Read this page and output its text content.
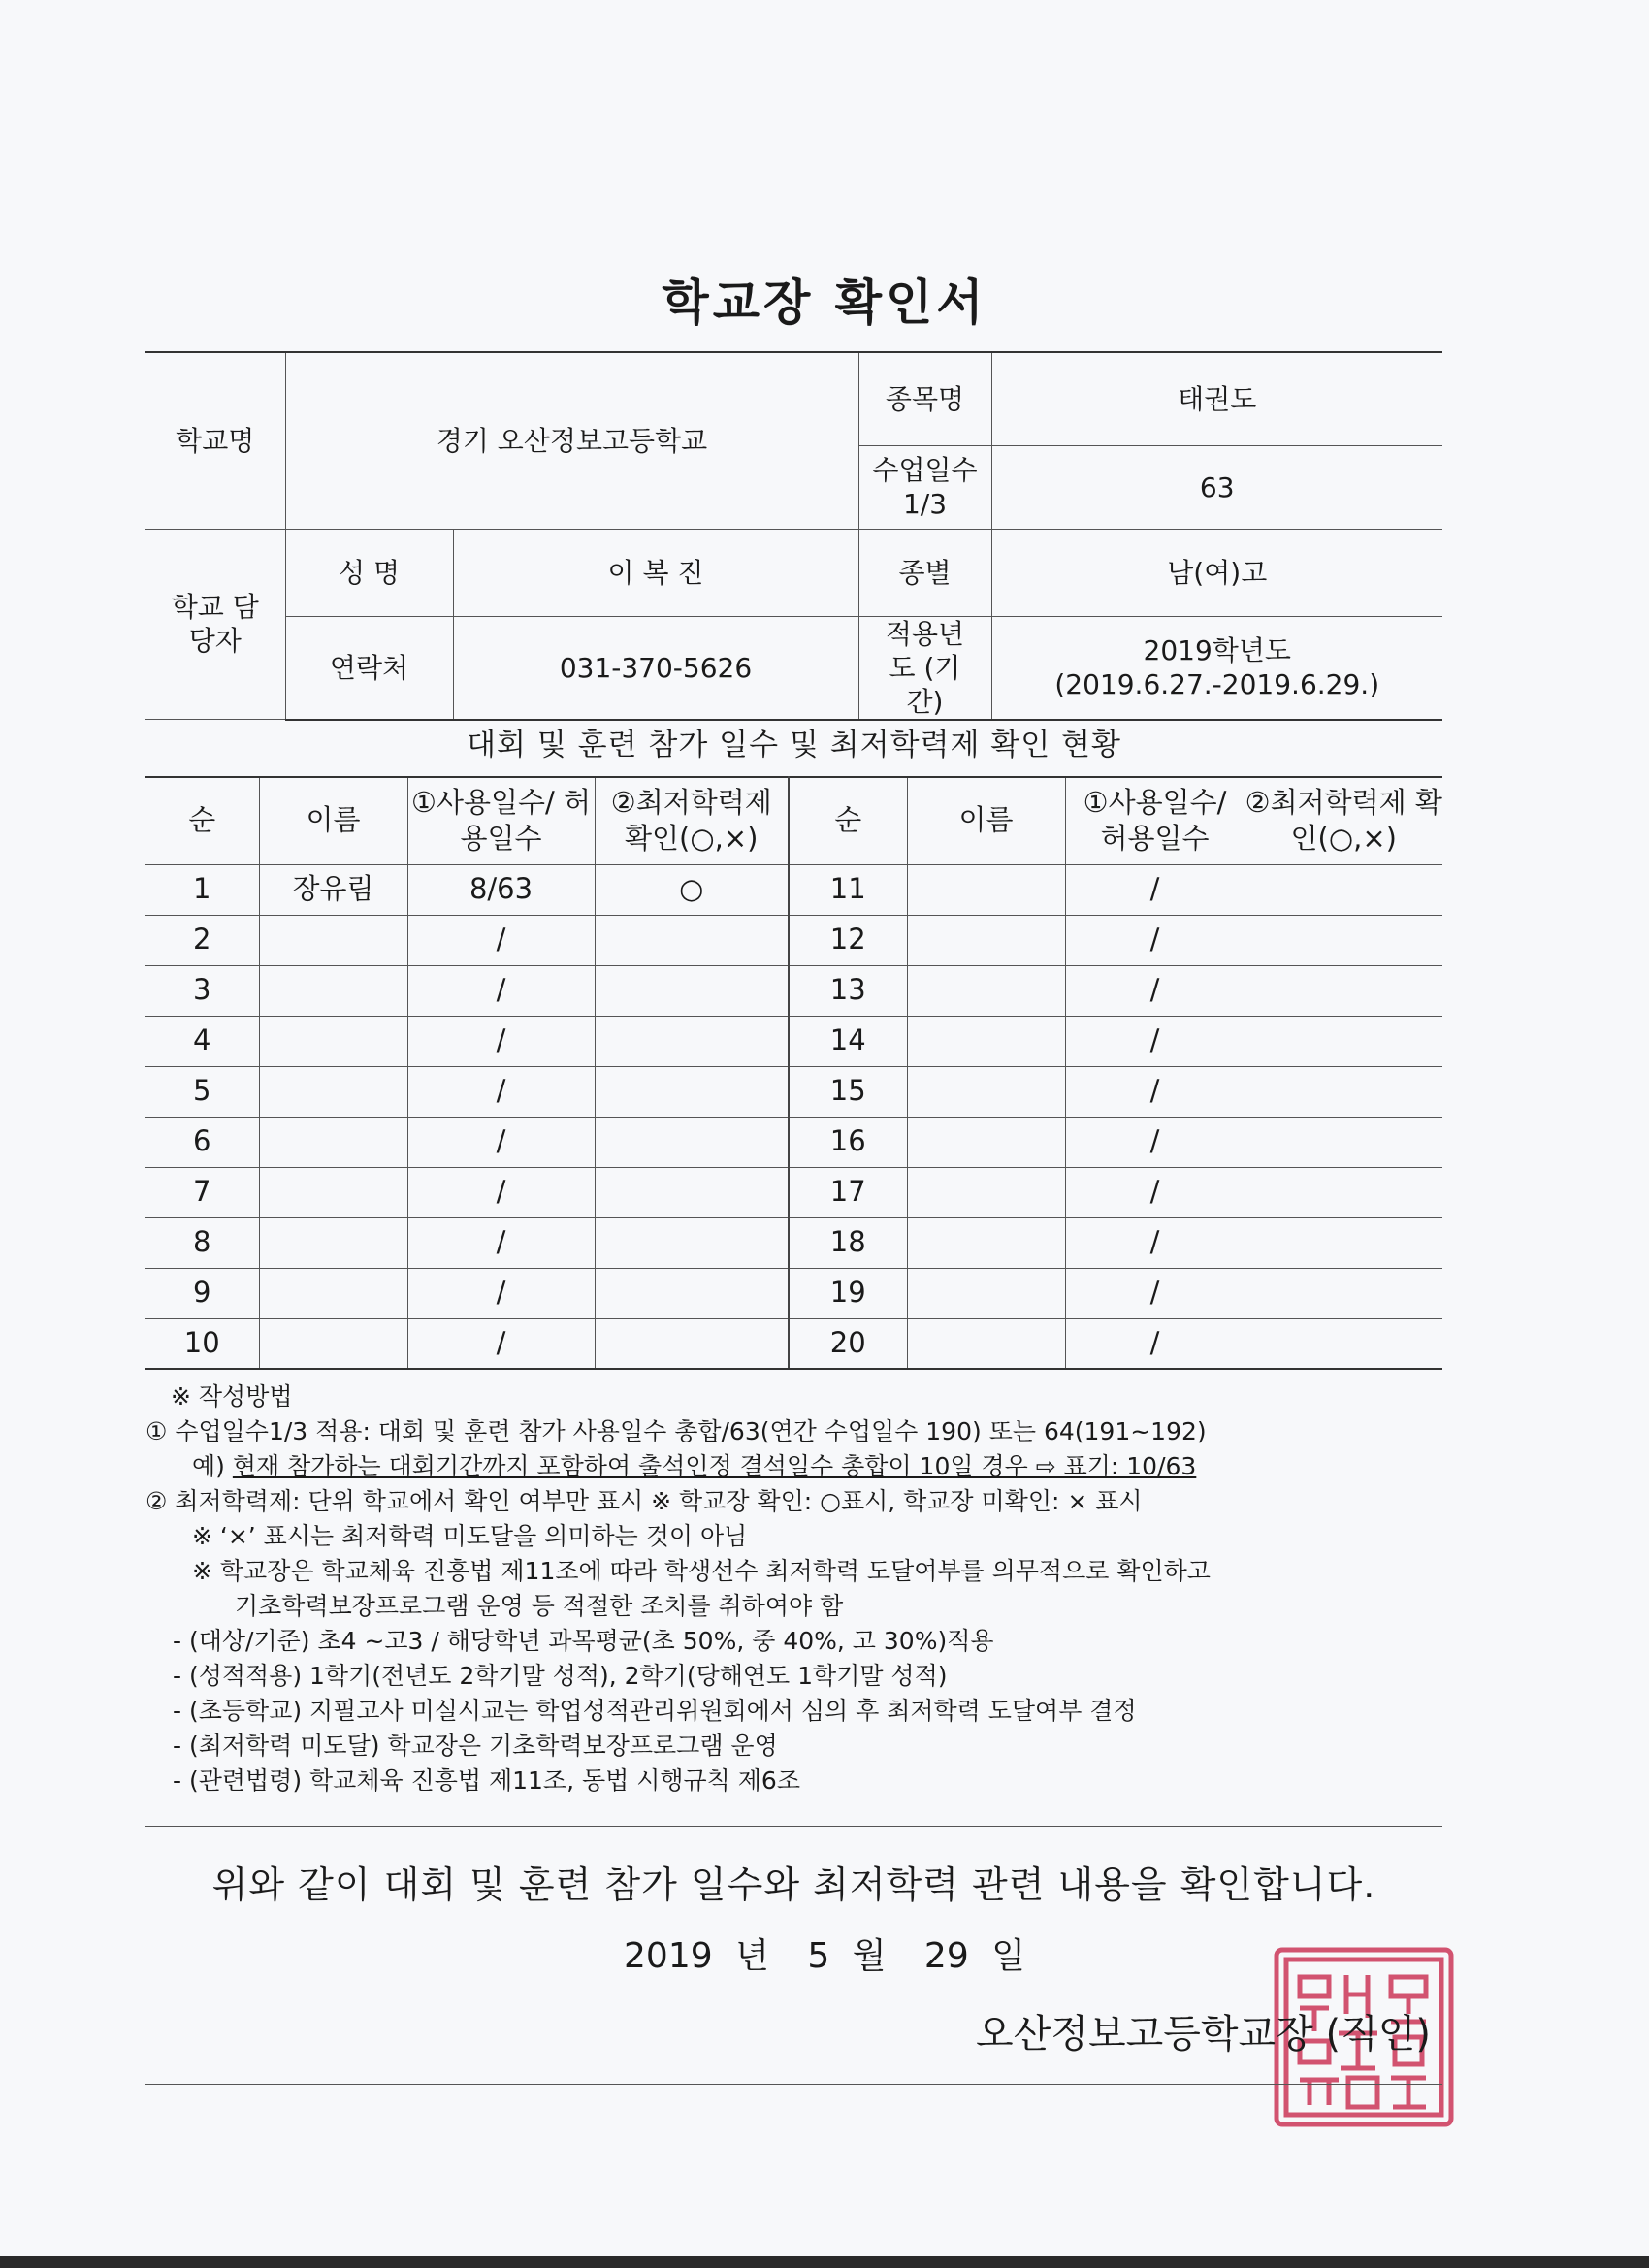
학교장 확인서
학교명	경기 오산정보고등학교		종목명	태권도
			수업일수 1/3	63
학교 담당자	성 명	이 복 진	종별	남(여)고
	연락처	031-370-5626	적용년도 (기간)	2019학년도 (2019.6.27.-2019.6.29.)
대회 및 훈련 참가 일수 및 최저학력제 확인 현황
순	이름	①사용일수/ 허용일수	②최저학력제 확인(○,×)	순	이름	①사용일수/ 허용일수	②최저학력제 확인(○,×)
1	장유림	8/63	○	11		/	
2		/		12		/	
3		/		13		/	
4		/		14		/	
5		/		15		/	
6		/		16		/	
7		/		17		/	
8		/		18		/	
9		/		19		/	
10		/		20		/	
※ 작성방법
① 수업일수1/3 적용: 대회 및 훈련 참가 사용일수 총합/63(연간 수업일수 190) 또는 64(191~192)
예) 현재 참가하는 대회기간까지 포함하여 출석인정 결석일수 총합이 10일 경우 ⇨ 표기: 10/63
② 최저학력제: 단위 학교에서 확인 여부만 표시 ※ 학교장 확인: ○표시, 학교장 미확인: × 표시
※ ‘×’ 표시는 최저학력 미도달을 의미하는 것이 아님
※ 학교장은 학교체육 진흥법 제11조에 따라 학생선수 최저학력 도달여부를 의무적으로 확인하고
기초학력보장프로그램 운영 등 적절한 조치를 취하여야 함
- (대상/기준) 초4 ~고3 / 해당학년 과목평균(초 50%, 중 40%, 고 30%)적용
- (성적적용) 1학기(전년도 2학기말 성적), 2학기(당해연도 1학기말 성적)
- (초등학교) 지필고사 미실시교는 학업성적관리위원회에서 심의 후 최저학력 도달여부 결정
- (최저학력 미도달) 학교장은 기초학력보장프로그램 운영
- (관련법령) 학교체육 진흥법 제11조, 동법 시행규칙 제6조
위와 같이 대회 및 훈련 참가 일수와 최저학력 관련 내용을 확인합니다.
2019 년 5 월 29 일
오산정보고등학교장 (직인)
